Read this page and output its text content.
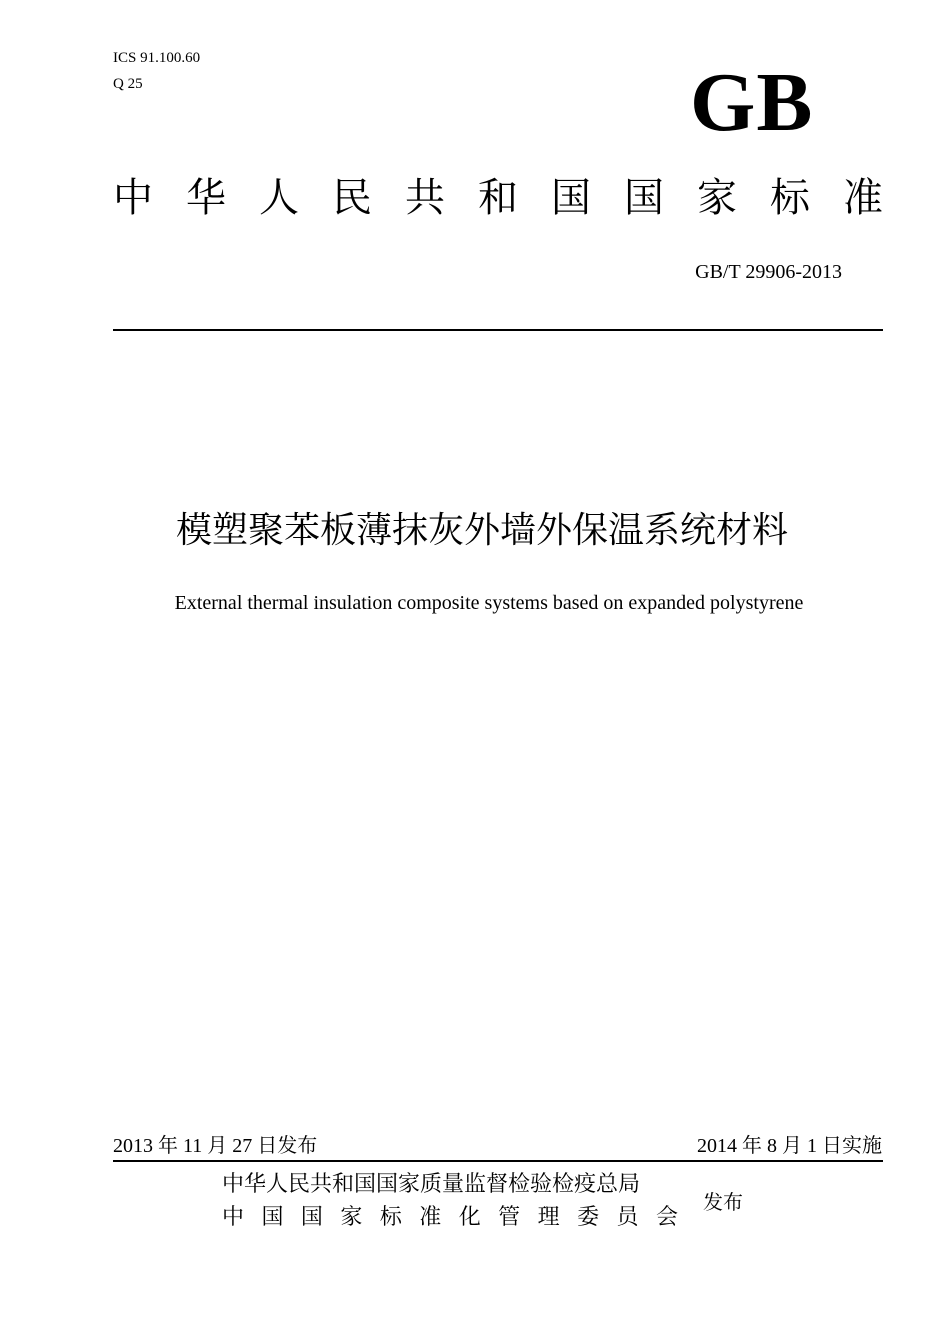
ICS 91.100.60
Q 25	GB
中 华 人 民 共 和 国 国 家 标 准
GB/T 29906-2013
模塑聚苯板薄抹灰外墙外保温系统材料
External thermal insulation composite systems based on expanded polystyrene
2013 年 11 月 27 日发布	2014 年 8 月 1 日实施
中华人民共和国国家质量监督检验检疫总局
中 国 国 家 标 准 化 管 理 委 员 会
发布
